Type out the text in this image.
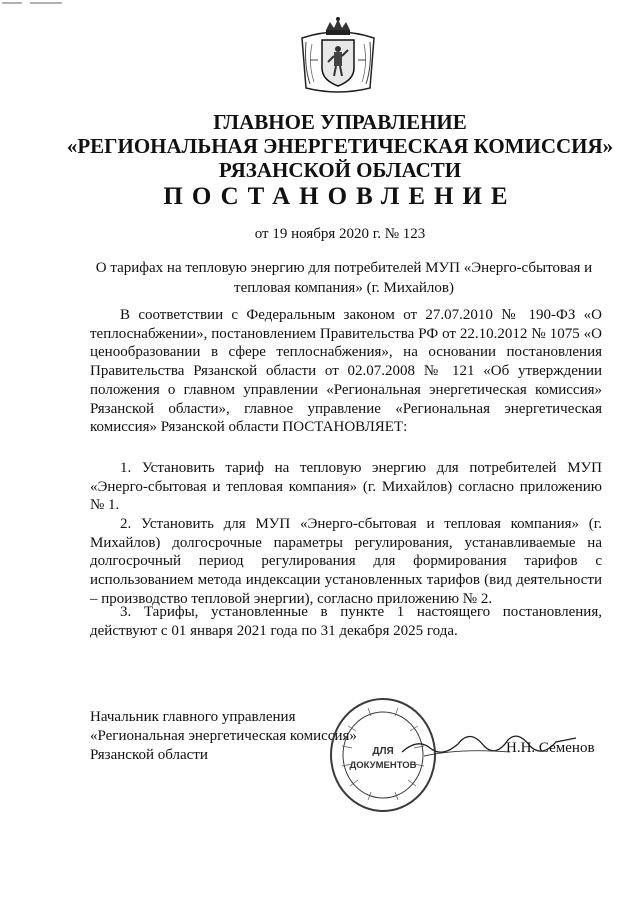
ГЛАВНОЕ УПРАВЛЕНИЕ
«РЕГИОНАЛЬНАЯ ЭНЕРГЕТИЧЕСКАЯ КОМИССИЯ»
РЯЗАНСКОЙ ОБЛАСТИ
ПОСТАНОВЛЕНИЕ
от 19 ноября 2020 г. № 123
О тарифах на тепловую энергию для потребителей МУП «Энерго-сбытовая и тепловая компания» (г. Михайлов)
В соответствии с Федеральным законом от 27.07.2010 № 190-ФЗ «О теплоснабжении», постановлением Правительства РФ от 22.10.2012 № 1075 «О ценообразовании в сфере теплоснабжения», на основании постановления Правительства Рязанской области от 02.07.2008 № 121 «Об утверждении положения о главном управлении «Региональная энергетическая комиссия» Рязанской области», главное управление «Региональная энергетическая комиссия» Рязанской области ПОСТАНОВЛЯЕТ:
1. Установить тариф на тепловую энергию для потребителей МУП «Энерго-сбытовая и тепловая компания» (г. Михайлов) согласно приложению № 1.
2. Установить для МУП «Энерго-сбытовая и тепловая компания» (г. Михайлов) долгосрочные параметры регулирования, устанавливаемые на долгосрочный период регулирования для формирования тарифов с использованием метода индексации установленных тарифов (вид деятельности – производство тепловой энергии), согласно приложению № 2.
3. Тарифы, установленные в пункте 1 настоящего постановления, действуют с 01 января 2021 года по 31 декабря 2025 года.
Начальник главного управления
«Региональная энергетическая комиссия»
Рязанской области	ДЛЯ
ДОКУМЕНТОВ
Н.Н. Семенов
